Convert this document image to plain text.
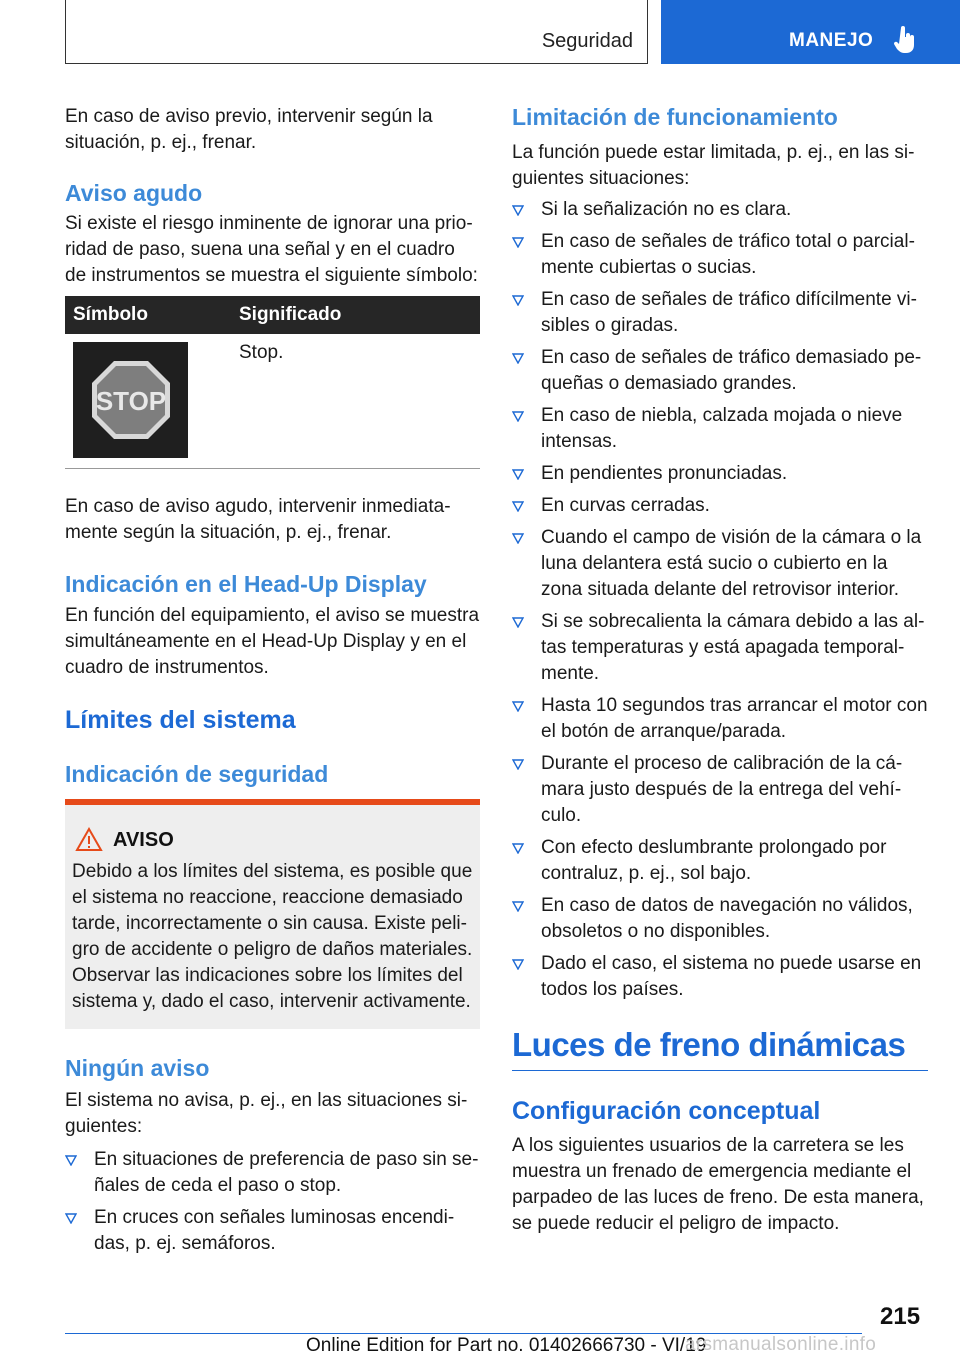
Seguridad	MANEJO

En caso de aviso previo, intervenir según la situación, p. ej., frenar.

Aviso agudo

Si existe el riesgo inminente de ignorar una prioridad de paso, suena una señal y en el cuadro de instrumentos se muestra el siguiente símbolo:

Símbolo	Significado

STOP	Stop.

En caso de aviso agudo, intervenir inmediatamente según la situación, p. ej., frenar.

Indicación en el Head-Up Display

En función del equipamiento, el aviso se muestra simultáneamente en el Head-Up Display y en el cuadro de instrumentos.

Límites del sistema
Indicación de seguridad
Ningún aviso

El sistema no avisa, p. ej., en las situaciones siguientes:

En situaciones de preferencia de paso sin señales de ceda el paso o stop.
En cruces con señales luminosas encendidas, p. ej. semáforos.
AVISO

Debido a los límites del sistema, es posible que el sistema no reaccione, reaccione demasiado tarde, incorrectamente o sin causa. Existe peligro de accidente o peligro de daños materiales. Observar las indicaciones sobre los límites del sistema y, dado el caso, intervenir activamente.

Limitación de funcionamiento

La función puede estar limitada, p. ej., en las siguientes situaciones:

Si la señalización no es clara.
En caso de señales de tráfico total o parcialmente cubiertas o sucias.
En caso de señales de tráfico difícilmente visibles o giradas.
En caso de señales de tráfico demasiado pequeñas o demasiado grandes.
En caso de niebla, calzada mojada o nieve intensas.
En pendientes pronunciadas.
En curvas cerradas.
Cuando el campo de visión de la cámara o la luna delantera está sucio o cubierto en la zona situada delante del retrovisor interior.
Si se sobrecalienta la cámara debido a las altas temperaturas y está apagada temporalmente.
Hasta 10 segundos tras arrancar el motor con el botón de arranque/parada.
Durante el proceso de calibración de la cámara justo después de la entrega del vehículo.
Con efecto deslumbrante prolongado por contraluz, p. ej., sol bajo.
En caso de datos de navegación no válidos, obsoletos o no disponibles.
Dado el caso, el sistema no puede usarse en todos los países.
Luces de freno dinámicas
Configuración conceptual

A los siguientes usuarios de la carretera se les muestra un frenado de emergencia mediante el parpadeo de las luces de freno. De esta manera, se puede reducir el peligro de impacto.

215
Online Edition for Part no. 01402666730 - VI/19
arsmanualsonline.info
